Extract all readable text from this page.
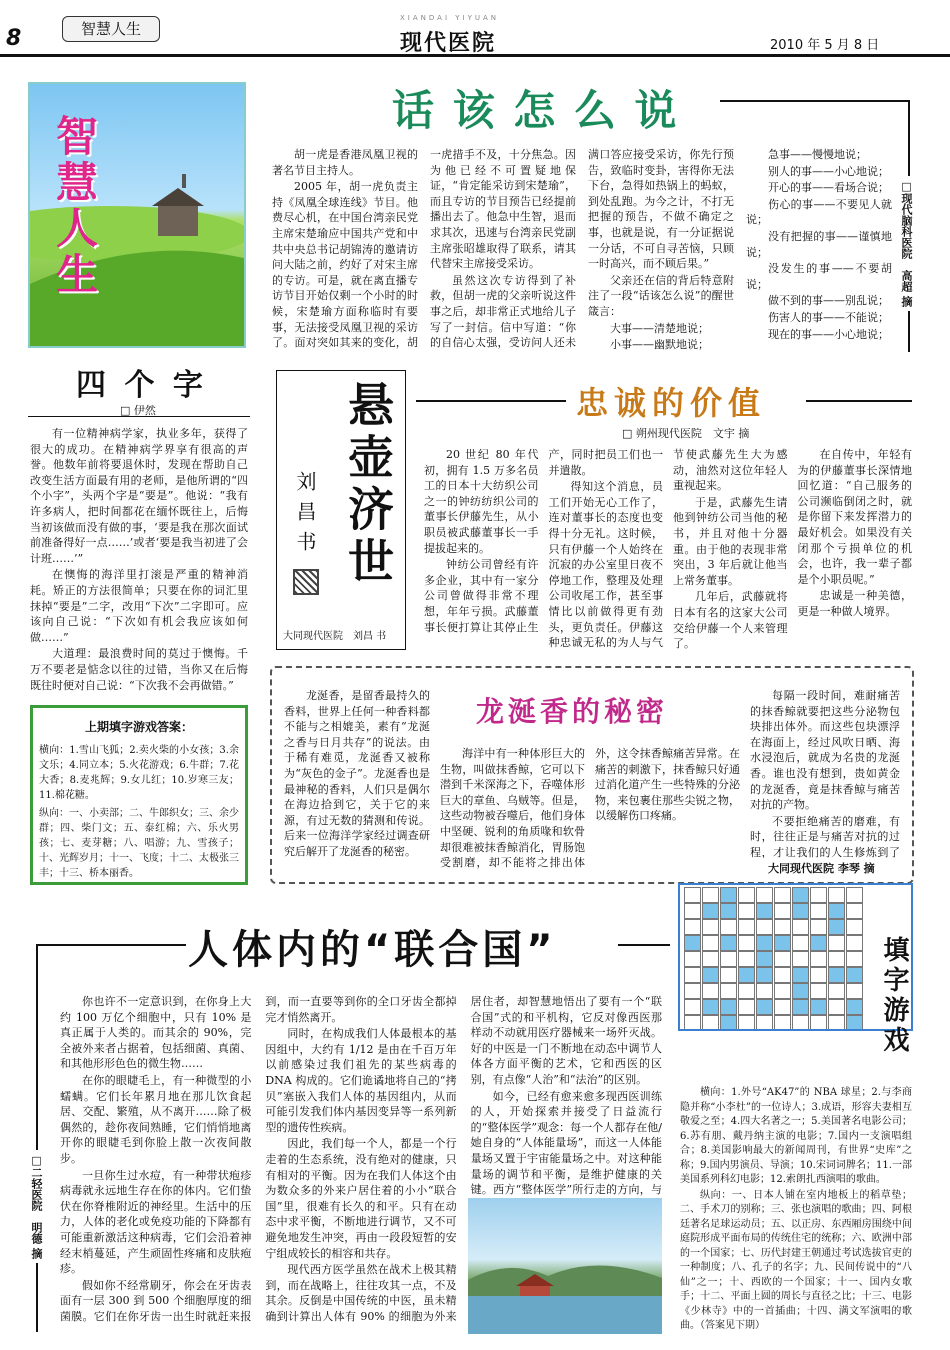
8	智慧人生
XIANDAI YIYUAN
现代医院	2010 年 5 月 8 日
智慧人生
话 该 怎 么 说
□现代脑科医院　高超 摘

胡一虎是香港凤凰卫视的著名节目主持人。

2005 年，胡一虎负责主持《凤凰全球连线》节目。他费尽心机，在中国台湾亲民党主席宋楚瑜应中国共产党和中共中央总书记胡锦涛的邀请访问大陆之前，约好了对宋主席的专访。可是，就在离直播专访节目开始仅剩一个小时的时候，宋楚瑜方面称临时有要事，无法接受凤凰卫视的采访了。面对突如其来的变化，胡一虎措手不及，十分焦急。因为他已经不可置疑地保证，“肯定能采访到宋楚瑜”，而且专访的节目预告已经提前播出去了。他急中生智，退而求其次，迅速与台湾亲民党副主席张昭雄取得了联系，请其代替宋主席接受采访。

虽然这次专访得到了补救，但胡一虎的父亲听说这件事之后，却非常正式地给儿子写了一封信。信中写道：“你的自信心太强，受访问人还未满口答应接受采访，你先行预告，致临时变卦，害得你无法下台，急得如热锅上的蚂蚁，到处乱跑。为今之计，不打无把握的预告，不做不确定之事，也就是说，有一分证据说一分话，不可自寻苦恼，只顾一时高兴，而不顾后果。”

父亲还在信的背后特意附注了一段“话该怎么说”的醒世箴言：

大事——清楚地说；

小事——幽默地说；

急事——慢慢地说；

别人的事——小心地说；

开心的事——看场合说；

伤心的事——不要见人就说；

没有把握的事——谨慎地说；

没发生的事——不要胡说；

做不到的事——别乱说；

伤害人的事——不能说；

现在的事——小心地说；

四 个 字
□ 伊然

有一位精神病学家，执业多年，获得了很大的成功。在精神病学界享有很高的声誉。他数年前将要退休时，发现在帮助自己改变生活方面最有用的老师，是他所谓的“四个小字”，头两个字是“要是”。他说：“我有许多病人，把时间都花在缅怀既往上，后悔当初该做而没有做的事，‘要是我在那次面试前准备得好一点……’或者‘要是我当初进了会计班……’”

在懊悔的海洋里打滚是严重的精神消耗。矫正的方法很简单；只要在你的词汇里抹掉“要是”二字，改用“下次”二字即可。应该向自己说：“下次如有机会我应该如何做……”

大道理：最浪费时间的莫过于懊悔。千万不要老是惦念以往的过错，当你又在后悔既往时便对自己说：“下次我不会再做错。”

上期填字游戏答案：
横向：1.雪山飞狐；2.卖火柴的小女孩；3.余文乐；4.同立本；5.火花游戏；6.牛群；7.花大香；8.麦兆辉；9.女儿红；10.岁寒三友；11.棉花糖。
纵向：一、小卖部；二、牛郎织女；三、余少群；四、柴门文；五、泰红棉；六、乐火男孩；七、麦芽糖；八、唱游；九、雪孩子；十、光辉岁月；十一、飞度；十二、太极张三丰；十三、桥本丽香。
悬壶济世
刘昌书
大同现代医院　刘昌 书
忠诚的价值
□ 朔州现代医院　文宇 摘

20 世纪 80 年代初，拥有 1.5 万多名员工的日本十大纺织公司之一的钟纺纺织公司的董事长伊藤先生，从小职员被武藤董事长一手提拔起来的。

钟纺公司曾经有许多企业，其中有一家分公司曾做得非常不理想，年年亏损。武藤董事长便打算让其停止生产，同时把员工们也一并遣散。

得知这个消息，员工们开始无心工作了，连对董事长的态度也变得十分无礼。这时候，只有伊藤一个人始终在沉寂的办公室里日夜不停地工作，整理及处理公司收尾工作，甚至事情比以前做得更有劲头，更负责任。伊藤这种忠诚无私的为人与气节使武藤先生大为感动，油然对这位年轻人重视起来。

于是，武藤先生请他到钟纺公司当他的秘书，并且对他十分器重。由于他的表现非常突出，3 年后就让他当上常务董事。

几年后，武藤就将日本有名的这家大公司交给伊藤一个人来管理了。

在自传中，年轻有为的伊藤董事长深情地回忆道：“自己服务的公司濒临倒闭之时，就是你留下来发挥潜力的最好机会。如果没有关闭那个亏损单位的机会，也许，我一辈子都是个小职员呢。”

忠诚是一种美德，更是一种做人境界。

龙涎香的秘密

龙涎香，是留香最持久的香料，世界上任何一种香料都不能与之相媲美，素有“龙涎之香与日月共存”的说法。由于稀有难觅，龙涎香又被称为“灰色的金子”。龙涎香也是最神秘的香料，人们只是偶尔在海边拾到它，关于它的来源，有过无数的猜测和传说。后来一位海洋学家经过调查研究后解开了龙涎香的秘密。

海洋中有一种体形巨大的生物，叫做抹香鲸，它可以下潜到千米深海之下，吞噬体形巨大的章鱼、乌贼等。但是，这些动物被吞噬后，他们身体中坚硬、锐利的角质喙和软骨却很难被抹香鲸消化，胃肠饱受割磨，却不能将之排出体外，这令抹香鲸痛苦异常。在痛苦的刺激下，抹香鲸只好通过消化道产生一些特殊的分泌物，来包裹住那些尖锐之物，以缓解伤口疼痛。

每隔一段时间，难耐痛苦的抹香鲸就要把这些分泌物包块排出体外。而这些包块漂浮在海面上，经过风吹日晒、海水浸泡后，就成为名贵的龙涎香。谁也没有想到，贵如黄金的龙涎香，竟是抹香鲸与痛苦对抗的产物。

不要拒绝痛苦的磨难，有时，往往正是与痛苦对抗的过程，才让我们的人生修炼到了

大同现代医院 李琴 摘
人体内的“联合国”
□二轻医院　明德 摘

你也许不一定意识到，在你身上大约 100 万亿个细胞中，只有 10% 是真正属于人类的。而其余的 90%，完全被外来者占据着，包括细菌、真菌、和其他形形色色的微生物……

在你的眼睫毛上，有一种微型的小蠕螨。它们长年累月地在那儿饮食起居、交配、繁殖，从不离开……除了极偶然的，趁你夜间熟睡，它们悄悄地离开你的眼睫毛到你脸上散一次夜间散步。

一旦你生过水痘，有一种带状疱疹病毒就永远地生存在你的体内。它们蛰伏在你脊椎附近的神经里。生活中的压力，人体的老化或免疫功能的下降都有可能重新激活这种病毒，它们会沿着神经末梢蔓延，产生顽固性疼痛和皮肤疱疹。

假如你不经常刷牙，你会在牙齿表面有一层 300 到 500 个细胞厚度的细菌膜。它们在你牙齿一出生时就赶来报到，而一直要等到你的全口牙齿全都掉完才悄然离开。

同时，在构成我们人体最根本的基因组中，大约有 1/12 是由在千百万年以前感染过我们祖先的某些病毒的 DNA 构成的。它们诡谲地将自己的“拷贝”塞嵌入我们人体的基因组内，从而可能引发我们体内基因变异等一系列新型的遗传性疾病。

因此，我们每一个人，都是一个行走着的生态系统，没有绝对的健康，只有相对的平衡。因为在我们人体这个由为数众多的外来户居住着的小小“联合国”里，很难有长久的和平。只有在动态中求平衡，不断地进行调节，又不可避免地发生冲突，再由一段段短暂的安宁组成较长的相容和共存。

现代西方医学虽然在战术上极其精到，而在战略上，往往攻其一点，不及其余。反倒是中国传统的中医，虽未精确到计算出人体有 90% 的细胞为外来居住者，却智慧地悟出了要有一个“联合国”式的和平机构，它反对像西医那样动不动就用医疗器械来一场歼灭战。好的中医是一门不断地在动态中调节人体各方面平衡的艺术，它和西医的区别，有点像“人治”和“法治”的区别。

如今，已经有愈来愈多现西医训练的人，开始探索并接受了日益流行的“整体医学”观念：每一个人都存在他/她自身的“人体能量场”，而这一人体能量场又置于宇宙能量场之中。对这种能量场的调节和平衡，是维护健康的关键。西方“整体医学”所行走的方向，与

填字游戏

横向：1.外号“AK47”的 NBA 球星；2.与李商隐并称“小李杜”的一位诗人；3.成语，形容夫妻相互敬爱之至；4.四大名著之一；5.美国著名电影公司；6.苏有朋、戴丹纳主演的电影；7.国内一支演唱组合；8.美国影响最大的新闻周刊，有世界“史库”之称；9.国内男演员、导演；10.宋词词牌名；11.一部美国系列科幻电影；12.索朗扎西演唱的歌曲。

纵向：一、日本人铺在室内地板上的稻草垫；二、手术刀的别称；三、张也演唱的歌曲；四、阿根廷著名足球运动员；五、以正房、东西厢房围绕中间庭院形成平面布局的传统住宅的统称；六、欧洲中部的一个国家；七、历代封建王朝通过考试选拔官吏的一种制度；八、孔子的名字；九、民间传说中的“八仙”之一；十、西欧的一个国家；十一、国内女歌手；十二、平面上圆的周长与直径之比；十三、电影《少林寺》中的一首插曲；十四、满文军演唱的歌曲。（答案见下期）
